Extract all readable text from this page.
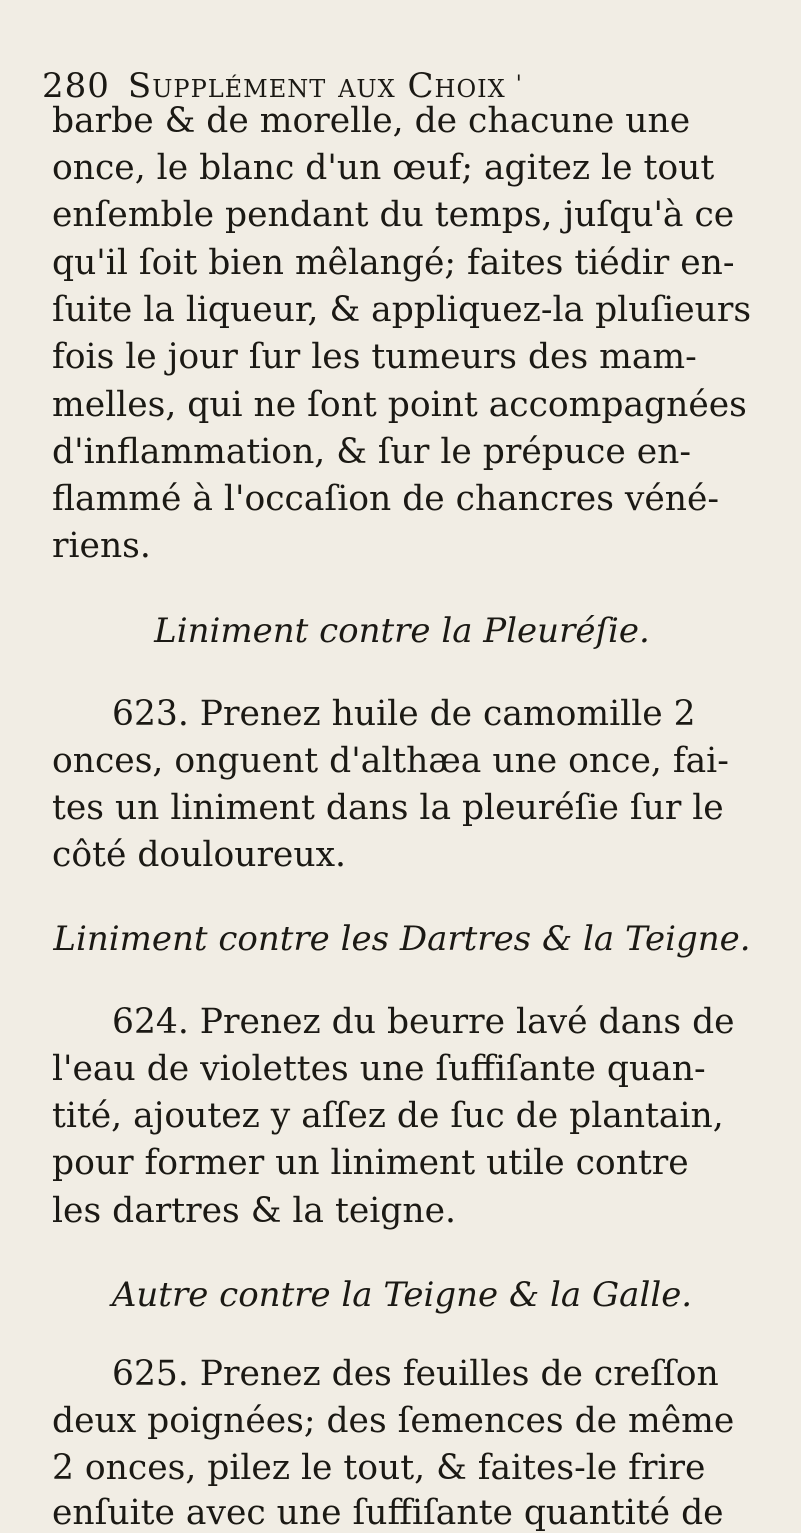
280 Supplément aux Choix '
barbe & de morelle, de chacune une
once, le blanc d'un œuf; agitez le tout
enſemble pendant du temps, juſqu'à ce
qu'il ſoit bien mêlangé; faites tiédir en-
ſuite la liqueur, & appliquez-la pluſieurs
fois le jour ſur les tumeurs des mam-
melles, qui ne ſont point accompagnées
d'inflammation, & ſur le prépuce en-
flammé à l'occaſion de chancres véné-
riens.
Liniment contre la Pleuréſie.
623. Prenez huile de camomille 2
onces, onguent d'althæa une once, fai-
tes un liniment dans la pleuréſie ſur le
côté douloureux.
Liniment contre les Dartres & la Teigne.
624. Prenez du beurre lavé dans de
l'eau de violettes une ſuffiſante quan-
tité, ajoutez y aſſez de ſuc de plantain,
pour former un liniment utile contre
les dartres & la teigne.
Autre contre la Teigne & la Galle.
625. Prenez des feuilles de creſſon
deux poignées; des ſemences de même
2 onces, pilez le tout, & faites-le frire
enſuite avec une ſuffiſante quantité de
